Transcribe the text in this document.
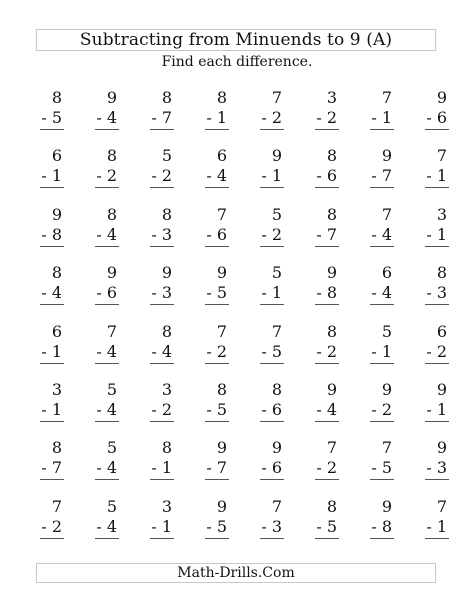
Subtracting from Minuends to 9 (A)
Find each difference.
8
- 5
9
- 4
8
- 7
8
- 1
7
- 2
3
- 2
7
- 1
9
- 6
6
- 1
8
- 2
5
- 2
6
- 4
9
- 1
8
- 6
9
- 7
7
- 1
9
- 8
8
- 4
8
- 3
7
- 6
5
- 2
8
- 7
7
- 4
3
- 1
8
- 4
9
- 6
9
- 3
9
- 5
5
- 1
9
- 8
6
- 4
8
- 3
6
- 1
7
- 4
8
- 4
7
- 2
7
- 5
8
- 2
5
- 1
6
- 2
3
- 1
5
- 4
3
- 2
8
- 5
8
- 6
9
- 4
9
- 2
9
- 1
8
- 7
5
- 4
8
- 1
9
- 7
9
- 6
7
- 2
7
- 5
9
- 3
7
- 2
5
- 4
3
- 1
9
- 5
7
- 3
8
- 5
9
- 8
7
- 1
Math-Drills.Com
